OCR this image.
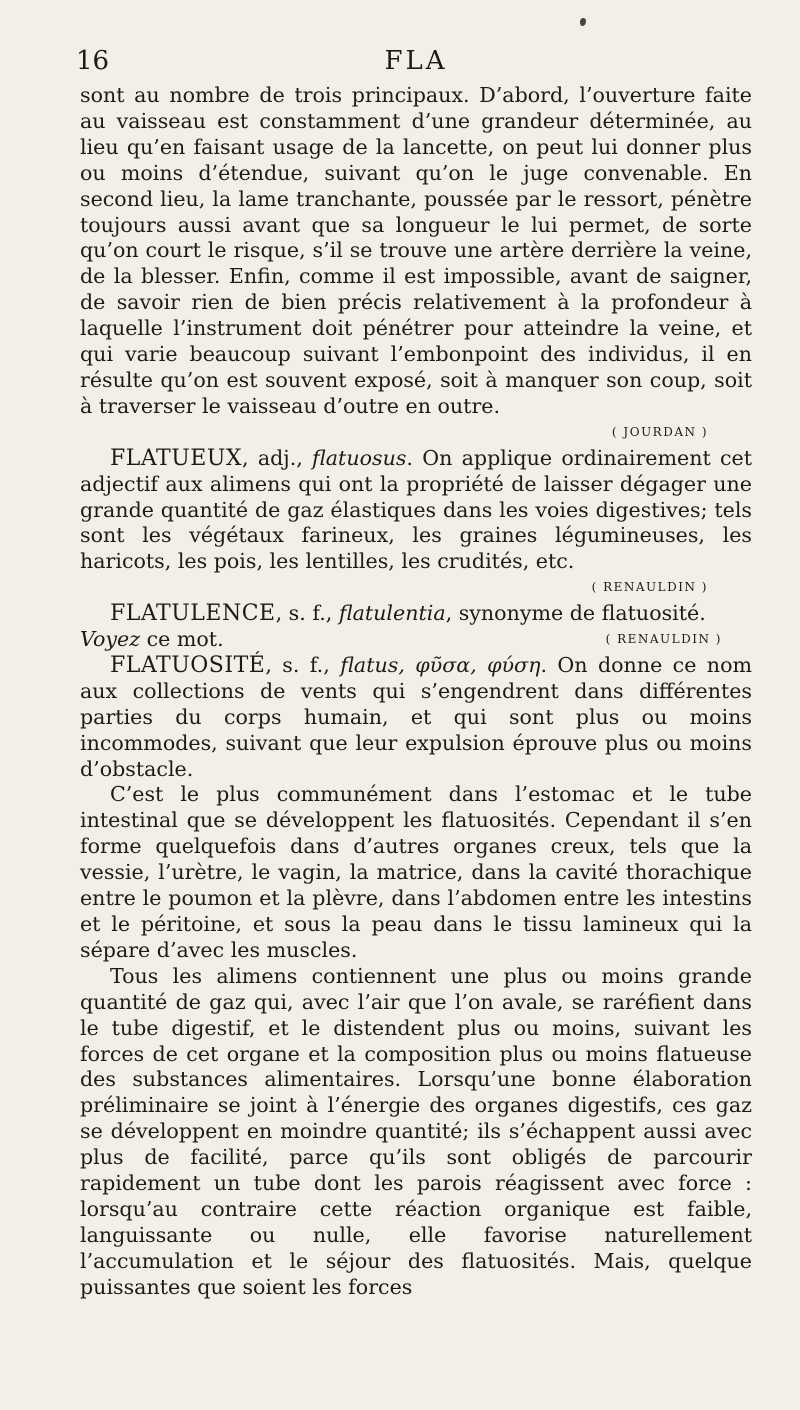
16	FLA

sont au nombre de trois principaux. D’abord, l’ouverture faite au vaisseau est constamment d’une grandeur déterminée, au lieu qu’en faisant usage de la lancette, on peut lui donner plus ou moins d’étendue, suivant qu’on le juge convenable. En second lieu, la lame tranchante, poussée par le ressort, pénètre toujours aussi avant que sa longueur le lui permet, de sorte qu’on court le risque, s’il se trouve une artère derrière la veine, de la blesser. Enfin, comme il est impossible, avant de saigner, de savoir rien de bien précis relativement à la profondeur à laquelle l’instrument doit pénétrer pour atteindre la veine, et qui varie beaucoup suivant l’embonpoint des individus, il en résulte qu’on est souvent exposé, soit à manquer son coup, soit à traverser le vaisseau d’outre en outre.

( JOURDAN )

FLATUEUX, adj., flatuosus. On applique ordinairement cet adjectif aux alimens qui ont la propriété de laisser dégager une grande quantité de gaz élastiques dans les voies digestives; tels sont les végétaux farineux, les graines légumineuses, les haricots, les pois, les lentilles, les crudités, etc.

( RENAULDIN )

FLATULENCE, s. f., flatulentia, synonyme de flatuosité.

Voyez ce mot.	( RENAULDIN )

FLATUOSITÉ, s. f., flatus, φῦσα, φύση. On donne ce nom aux collections de vents qui s’engendrent dans différentes parties du corps humain, et qui sont plus ou moins incommodes, suivant que leur expulsion éprouve plus ou moins d’obstacle.

C’est le plus communément dans l’estomac et le tube intestinal que se développent les flatuosités. Cependant il s’en forme quelquefois dans d’autres organes creux, tels que la vessie, l’urètre, le vagin, la matrice, dans la cavité thorachique entre le poumon et la plèvre, dans l’abdomen entre les intestins et le péritoine, et sous la peau dans le tissu lamineux qui la sépare d’avec les muscles.

Tous les alimens contiennent une plus ou moins grande quantité de gaz qui, avec l’air que l’on avale, se raréfient dans le tube digestif, et le distendent plus ou moins, suivant les forces de cet organe et la composition plus ou moins flatueuse des substances alimentaires. Lorsqu’une bonne élaboration préliminaire se joint à l’énergie des organes digestifs, ces gaz se développent en moindre quantité; ils s’échappent aussi avec plus de facilité, parce qu’ils sont obligés de parcourir rapidement un tube dont les parois réagissent avec force : lorsqu’au contraire cette réaction organique est faible, languissante ou nulle, elle favorise naturellement l’accumulation et le séjour des flatuosités. Mais, quelque puissantes que soient les forces
